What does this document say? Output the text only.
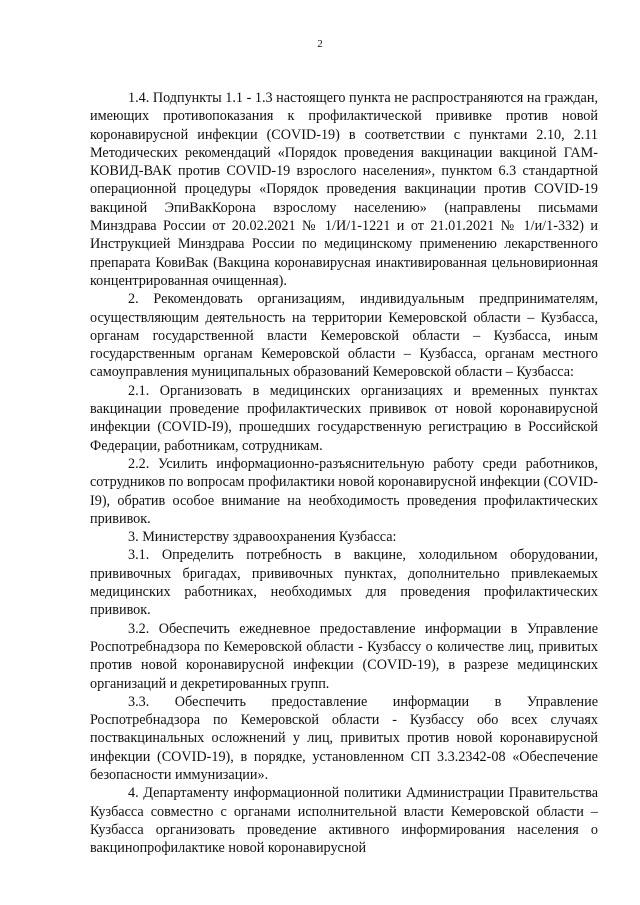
2

1.4. Подпункты 1.1 - 1.3 настоящего пункта не распространяются на граждан, имеющих противопоказания к профилактической прививке против новой коронавирусной инфекции (COVID-19) в соответствии с пунктами 2.10, 2.11 Методических рекомендаций «Порядок проведения вакцинации вакциной ГАМ-КОВИД-ВАК против COVID-19 взрослого населения», пунктом 6.3 стандартной операционной процедуры «Порядок проведения вакцинации против COVID-19 вакциной ЭпиВакКорона взрослому населению» (направлены письмами Минздрава России от 20.02.2021 № 1/И/1-1221 и от 21.01.2021 № 1/и/1-332) и Инструкцией Минздрава России по медицинскому применению лекарственного препарата КовиВак (Вакцина коронавирусная инактивированная цельновирионная концентрированная очищенная).

2. Рекомендовать организациям, индивидуальным предпринимателям, осуществляющим деятельность на территории Кемеровской области – Кузбасса, органам государственной власти Кемеровской области – Кузбасса, иным государственным органам Кемеровской области – Кузбасса, органам местного самоуправления муниципальных образований Кемеровской области – Кузбасса:

2.1. Организовать в медицинских организациях и временных пунктах вакцинации проведение профилактических прививок от новой коронавирусной инфекции (COVID-I9), прошедших государственную регистрацию в Российской Федерации, работникам, сотрудникам.

2.2. Усилить информационно-разъяснительную работу среди работников, сотрудников по вопросам профилактики новой коронавирусной инфекции (COVID-I9), обратив особое внимание на необходимость проведения профилактических прививок.

3. Министерству здравоохранения Кузбасса:

3.1. Определить потребность в вакцине, холодильном оборудовании, прививочных бригадах, прививочных пунктах, дополнительно привлекаемых медицинских работниках, необходимых для проведения профилактических прививок.

3.2. Обеспечить ежедневное предоставление информации в Управление Роспотребнадзора по Кемеровской области - Кузбассу о количестве лиц, привитых против новой коронавирусной инфекции (COVID-19), в разрезе медицинских организаций и декретированных групп.

3.3. Обеспечить предоставление информации в Управление Роспотребнадзора по Кемеровской области - Кузбассу обо всех случаях поствакцинальных осложнений у лиц, привитых против новой коронавирусной инфекции (COVID-19), в порядке, установленном СП 3.3.2342-08 «Обеспечение безопасности иммунизации».

4. Департаменту информационной политики Администрации Правительства Кузбасса совместно с органами исполнительной власти Кемеровской области – Кузбасса организовать проведение активного информирования населения о вакцинопрофилактике новой коронавирусной
